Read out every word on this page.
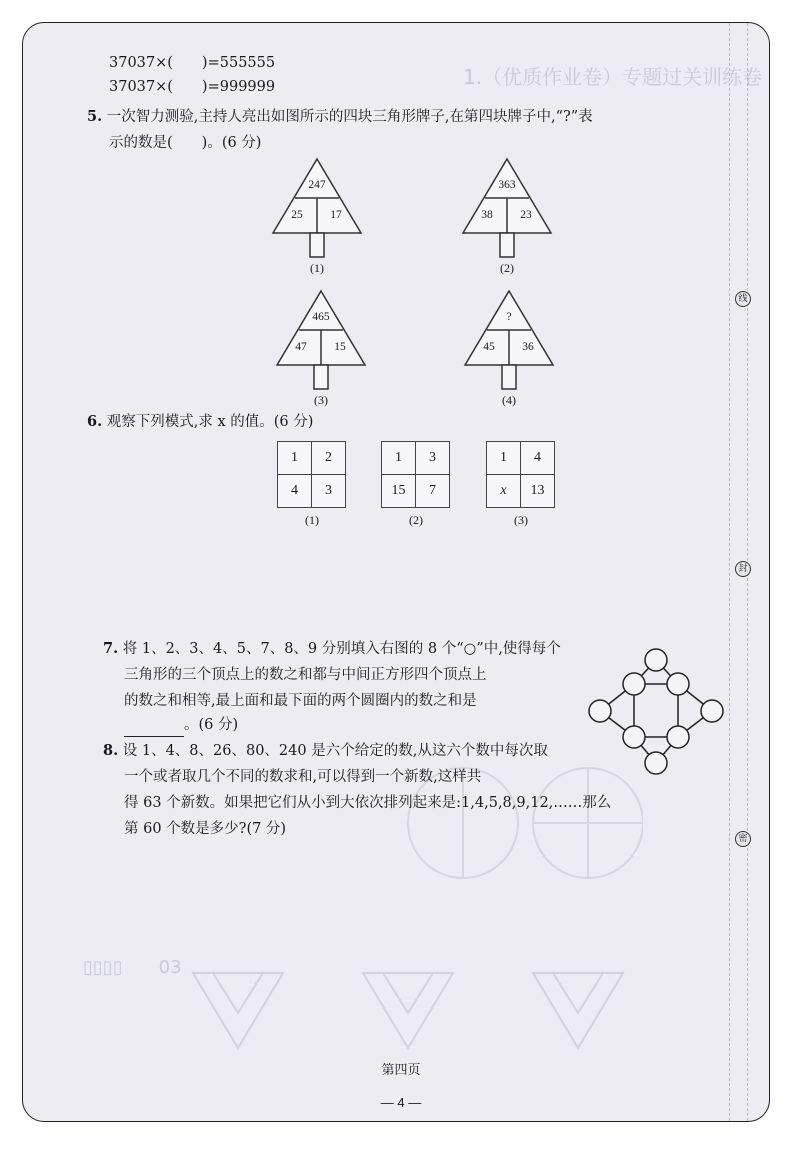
1.（优质作业卷）专题过关训练卷
▯▯▯▯　　03
线
封
密
37037×(　　)=555555
37037×(　　)=999999
5. 一次智力测验,主持人亮出如图所示的四块三角形牌子,在第四块牌子中,“?”表
示的数是(　　)。(6 分)
247
25	17
(1)
363
38	23
(2)
465
47	15
(3)
?
45	36
(4)
6. 观察下列模式,求 x 的值。(6 分)
1	2
4	3
(1)
1	3
15	7
(2)
1	4
x	13
(3)
7. 将 1、2、3、4、5、7、8、9 分别填入右图的 8 个“○”中,使得每个
三角形的三个顶点上的数之和都与中间正方形四个顶点上
的数之和相等,最上面和最下面的两个圆圈内的数之和是
。(6 分)
8. 设 1、4、8、26、80、240 是六个给定的数,从这六个数中每次取
一个或者取几个不同的数求和,可以得到一个新数,这样共
得 63 个新数。如果把它们从小到大依次排列起来是:1,4,5,8,9,12,……那么
第 60 个数是多少?(7 分)
第四页
— 4 —
